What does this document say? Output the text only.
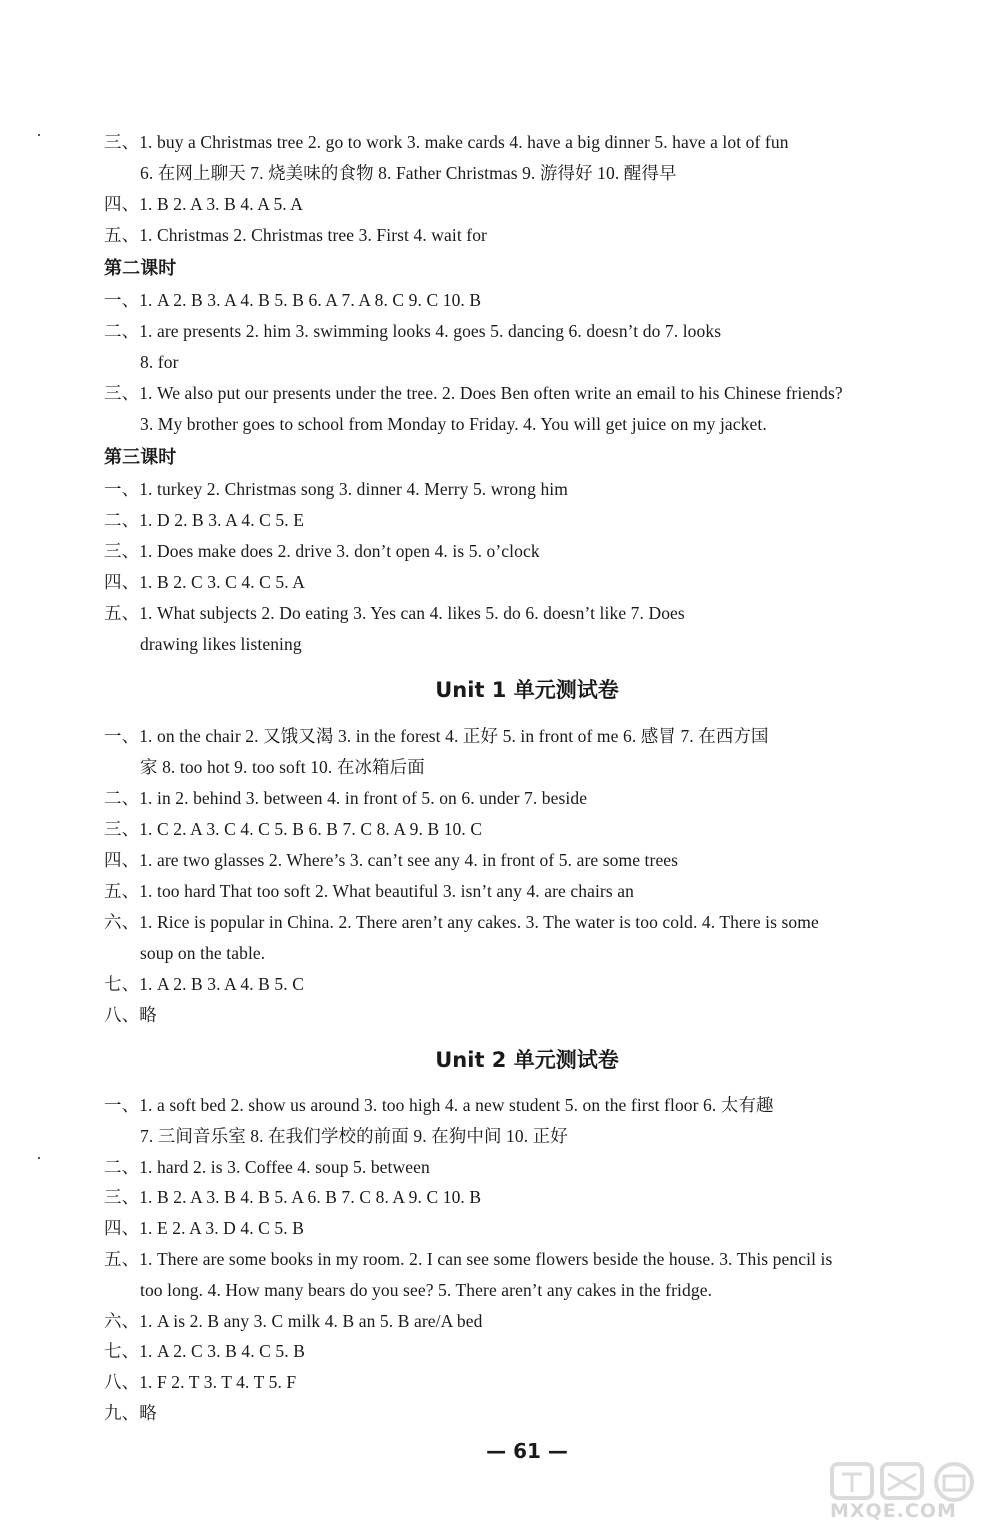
三、1. buy a Christmas tree 2. go to work 3. make cards 4. have a big dinner 5. have a lot of fun
6. 在网上聊天 7. 烧美味的食物 8. Father Christmas 9. 游得好 10. 醒得早
四、1. B 2. A 3. B 4. A 5. A
五、1. Christmas 2. Christmas tree 3. First 4. wait for
第二课时
一、1. A 2. B 3. A 4. B 5. B 6. A 7. A 8. C 9. C 10. B
二、1. are presents 2. him 3. swimming looks 4. goes 5. dancing 6. doesn’t do 7. looks
8. for
三、1. We also put our presents under the tree. 2. Does Ben often write an email to his Chinese friends?
3. My brother goes to school from Monday to Friday. 4. You will get juice on my jacket.
第三课时
一、1. turkey 2. Christmas song 3. dinner 4. Merry 5. wrong him
二、1. D 2. B 3. A 4. C 5. E
三、1. Does make does 2. drive 3. don’t open 4. is 5. o’clock
四、1. B 2. C 3. C 4. C 5. A
五、1. What subjects 2. Do eating 3. Yes can 4. likes 5. do 6. doesn’t like 7. Does
drawing likes listening
Unit 1 单元测试卷
一、1. on the chair 2. 又饿又渴 3. in the forest 4. 正好 5. in front of me 6. 感冒 7. 在西方国
家 8. too hot 9. too soft 10. 在冰箱后面
二、1. in 2. behind 3. between 4. in front of 5. on 6. under 7. beside
三、1. C 2. A 3. C 4. C 5. B 6. B 7. C 8. A 9. B 10. C
四、1. are two glasses 2. Where’s 3. can’t see any 4. in front of 5. are some trees
五、1. too hard That too soft 2. What beautiful 3. isn’t any 4. are chairs an
六、1. Rice is popular in China. 2. There aren’t any cakes. 3. The water is too cold. 4. There is some
soup on the table.
七、1. A 2. B 3. A 4. B 5. C
八、略
Unit 2 单元测试卷
一、1. a soft bed 2. show us around 3. too high 4. a new student 5. on the first floor 6. 太有趣
7. 三间音乐室 8. 在我们学校的前面 9. 在狗中间 10. 正好
二、1. hard 2. is 3. Coffee 4. soup 5. between
三、1. B 2. A 3. B 4. B 5. A 6. B 7. C 8. A 9. C 10. B
四、1. E 2. A 3. D 4. C 5. B
五、1. There are some books in my room. 2. I can see some flowers beside the house. 3. This pencil is
too long. 4. How many bears do you see? 5. There aren’t any cakes in the fridge.
六、1. A is 2. B any 3. C milk 4. B an 5. B are/A bed
七、1. A 2. C 3. B 4. C 5. B
八、1. F 2. T 3. T 4. T 5. F
九、略
— 61 —
MXQE.COM
